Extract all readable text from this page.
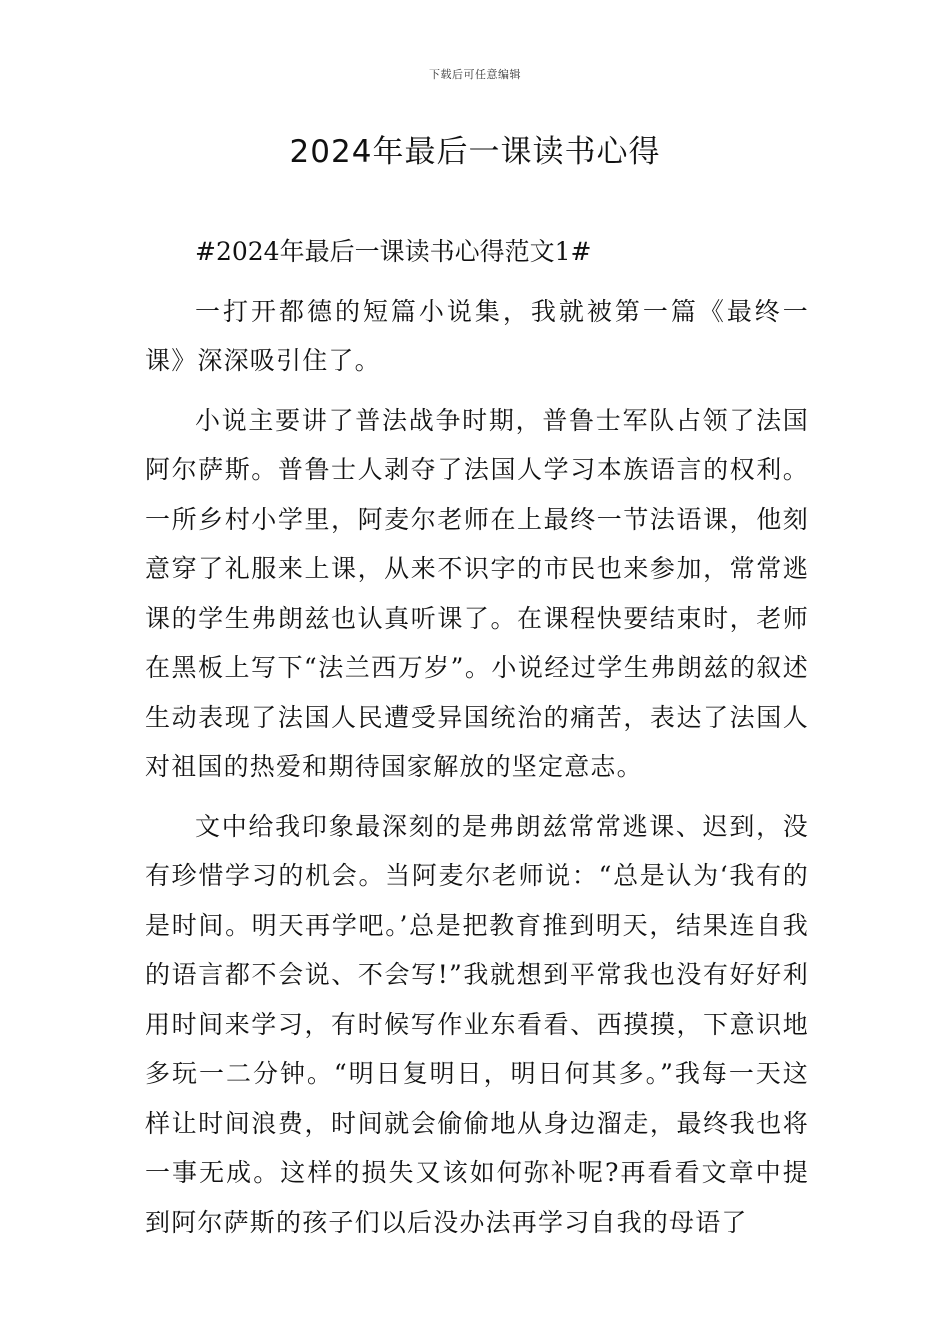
下载后可任意编辑
2024年最后一课读书心得

#2024年最后一课读书心得范文1#

一打开都德的短篇小说集，我就被第一篇《最终一课》深深吸引住了。

小说主要讲了普法战争时期，普鲁士军队占领了法国阿尔萨斯。普鲁士人剥夺了法国人学习本族语言的权利。一所乡村小学里，阿麦尔老师在上最终一节法语课，他刻意穿了礼服来上课，从来不识字的市民也来参加，常常逃课的学生弗朗兹也认真听课了。在课程快要结束时，老师在黑板上写下“法兰西万岁”。小说经过学生弗朗兹的叙述生动表现了法国人民遭受异国统治的痛苦，表达了法国人对祖国的热爱和期待国家解放的坚定意志。

文中给我印象最深刻的是弗朗兹常常逃课、迟到，没有珍惜学习的机会。当阿麦尔老师说：“总是认为‘我有的是时间。明天再学吧。’总是把教育推到明天，结果连自我的语言都不会说、不会写!”我就想到平常我也没有好好利用时间来学习，有时候写作业东看看、西摸摸，下意识地多玩一二分钟。“明日复明日，明日何其多。”我每一天这样让时间浪费，时间就会偷偷地从身边溜走，最终我也将一事无成。这样的损失又该如何弥补呢?再看看文章中提到阿尔萨斯的孩子们以后没办法再学习自我的母语了
